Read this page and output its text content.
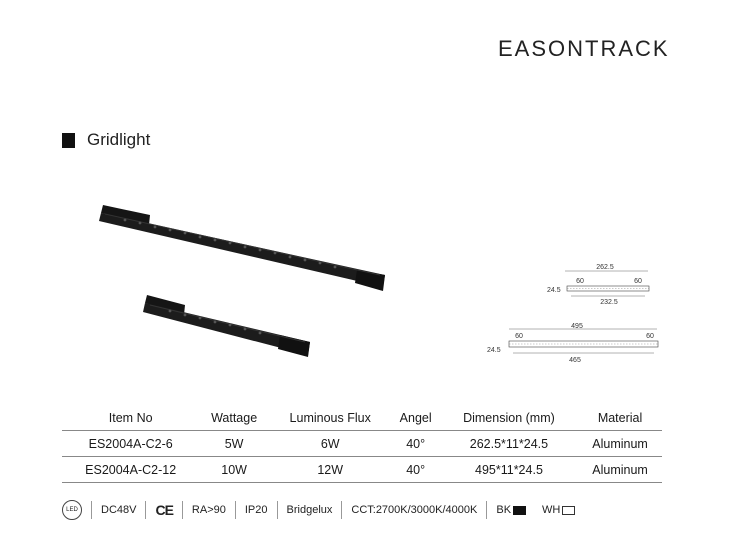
EASONTRACK
Gridlight
262.5
60	60
24.5
232.5
495
60	60
24.5
465
Item No	Wattage	Luminous Flux	Angel	Dimension (mm)	Material
ES2004A-C2-6	5W	6W	40°	262.5*11*24.5	Aluminum
ES2004A-C2-12	10W	12W	40°	495*11*24.5	Aluminum
LED	DC48V CE RA>90 IP20 Bridgelux CCT:2700K/3000K/4000K BK	WH
